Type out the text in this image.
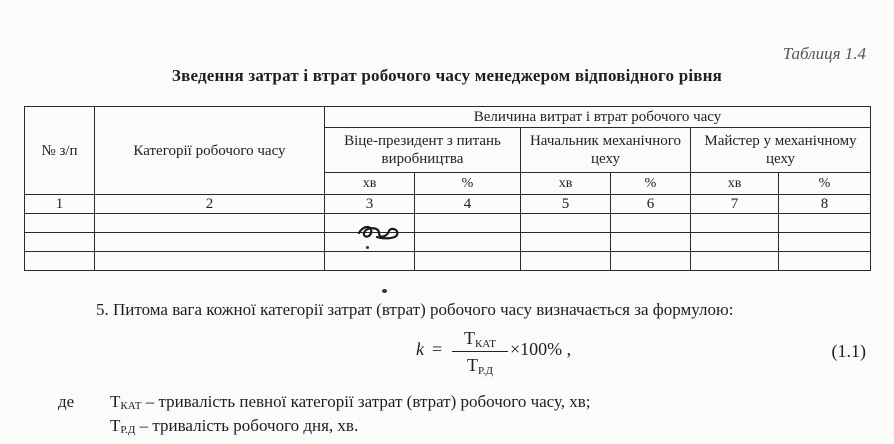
Таблиця 1.4
Зведення затрат і втрат робочого часу менеджером відповідного рівня
№ з/п	Категорії робочого часу	Величина витрат і втрат робочого часу					
		Віце-президент з питань виробництва		Начальник механічного цеху		Майстер у механічному цеху	
		хв	%	хв	%	хв	%
1	2	3	4	5	6	7	8

5. Питома вага кожної категорії затрат (втрат) робочого часу визначається за формулою:
k =
$Т_{КАТ}$
$Т_{Р.Д}$
×100% ,	(1.1)
де $Т_{КАТ}$ – тривалість певної категорії затрат (втрат) робочого часу, хв;
$Т_{Р.Д}$ – тривалість робочого дня, хв.
